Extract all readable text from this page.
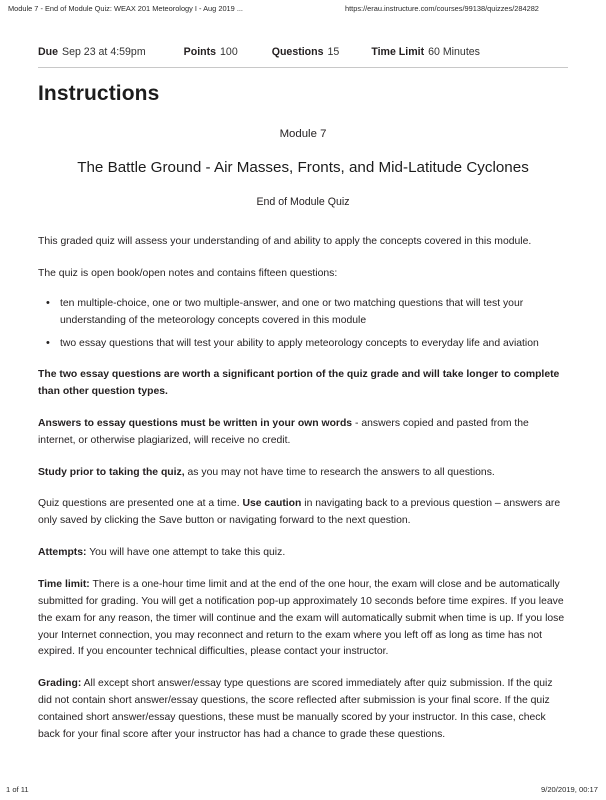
Module 7 - End of Module Quiz: WEAX 201 Meteorology I - Aug 2019 ...	https://erau.instructure.com/courses/99138/quizzes/284282
Due Sep 23 at 4:59pm	Points 100	Questions 15	Time Limit 60 Minutes
Instructions
Module 7
The Battle Ground - Air Masses, Fronts, and Mid-Latitude Cyclones
End of Module Quiz

This graded quiz will assess your understanding of and ability to apply the concepts covered in this module.

The quiz is open book/open notes and contains fifteen questions:

• ten multiple-choice, one or two multiple-answer, and one or two matching questions that will test your understanding of the meteorology concepts covered in this module
• two essay questions that will test your ability to apply meteorology concepts to everyday life and aviation

The two essay questions are worth a significant portion of the quiz grade and will take longer to complete than other question types.

Answers to essay questions must be written in your own words - answers copied and pasted from the internet, or otherwise plagiarized, will receive no credit.

Study prior to taking the quiz, as you may not have time to research the answers to all questions.

Quiz questions are presented one at a time. Use caution in navigating back to a previous question – answers are only saved by clicking the Save button or navigating forward to the next question.

Attempts: You will have one attempt to take this quiz.

Time limit: There is a one-hour time limit and at the end of the one hour, the exam will close and be automatically submitted for grading. You will get a notification pop-up approximately 10 seconds before time expires. If you leave the exam for any reason, the timer will continue and the exam will automatically submit when time is up. If you lose your Internet connection, you may reconnect and return to the exam where you left off as long as time has not expired. If you encounter technical difficulties, please contact your instructor.

Grading: All except short answer/essay type questions are scored immediately after quiz submission. If the quiz did not contain short answer/essay questions, the score reflected after submission is your final score. If the quiz contained short answer/essay questions, these must be manually scored by your instructor. In this case, check back for your final score after your instructor has had a chance to grade these questions.

1 of 11	9/20/2019, 00:17
